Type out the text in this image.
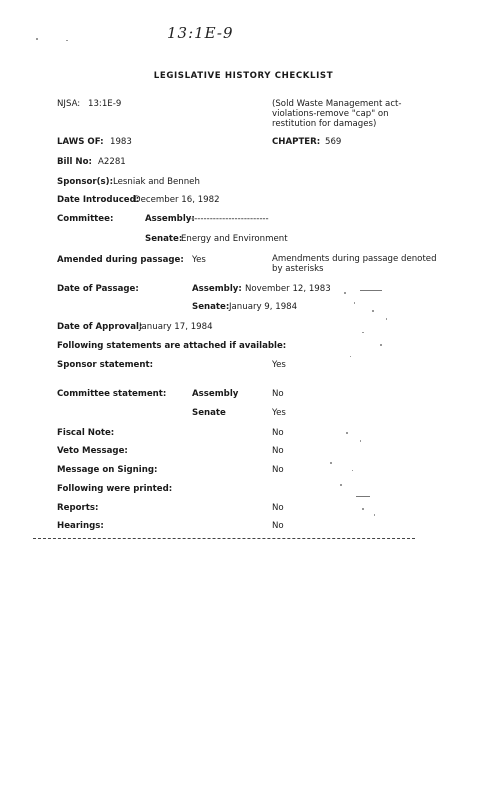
13:1E-9
LEGISLATIVE HISTORY CHECKLIST
NJSA: 13:1E-9	(Sold Waste Management act-
violations-remove "cap" on
restitution for damages)
LAWS OF: 1983	CHAPTER: 569
Bill No: A2281
Sponsor(s): Lesniak and Benneh
Date Introduced:
December 16, 1982
Committee:	Assembly:
--------------------------
Senate:
Energy and Environment
Amended during passage: Yes	Amendments during passage denoted
by asterisks
Date of Passage:	Assembly: November 12, 1983
Senate: January 9, 1984
Date of Approval:
January 17, 1984
Following statements are attached if available:
Sponsor statement:	Yes
Committee statement:	Assembly	No
Senate	Yes
Fiscal Note:	No
Veto Message:	No
Message on Signing:	No
Following were printed:
Reports:	No
Hearings:	No
